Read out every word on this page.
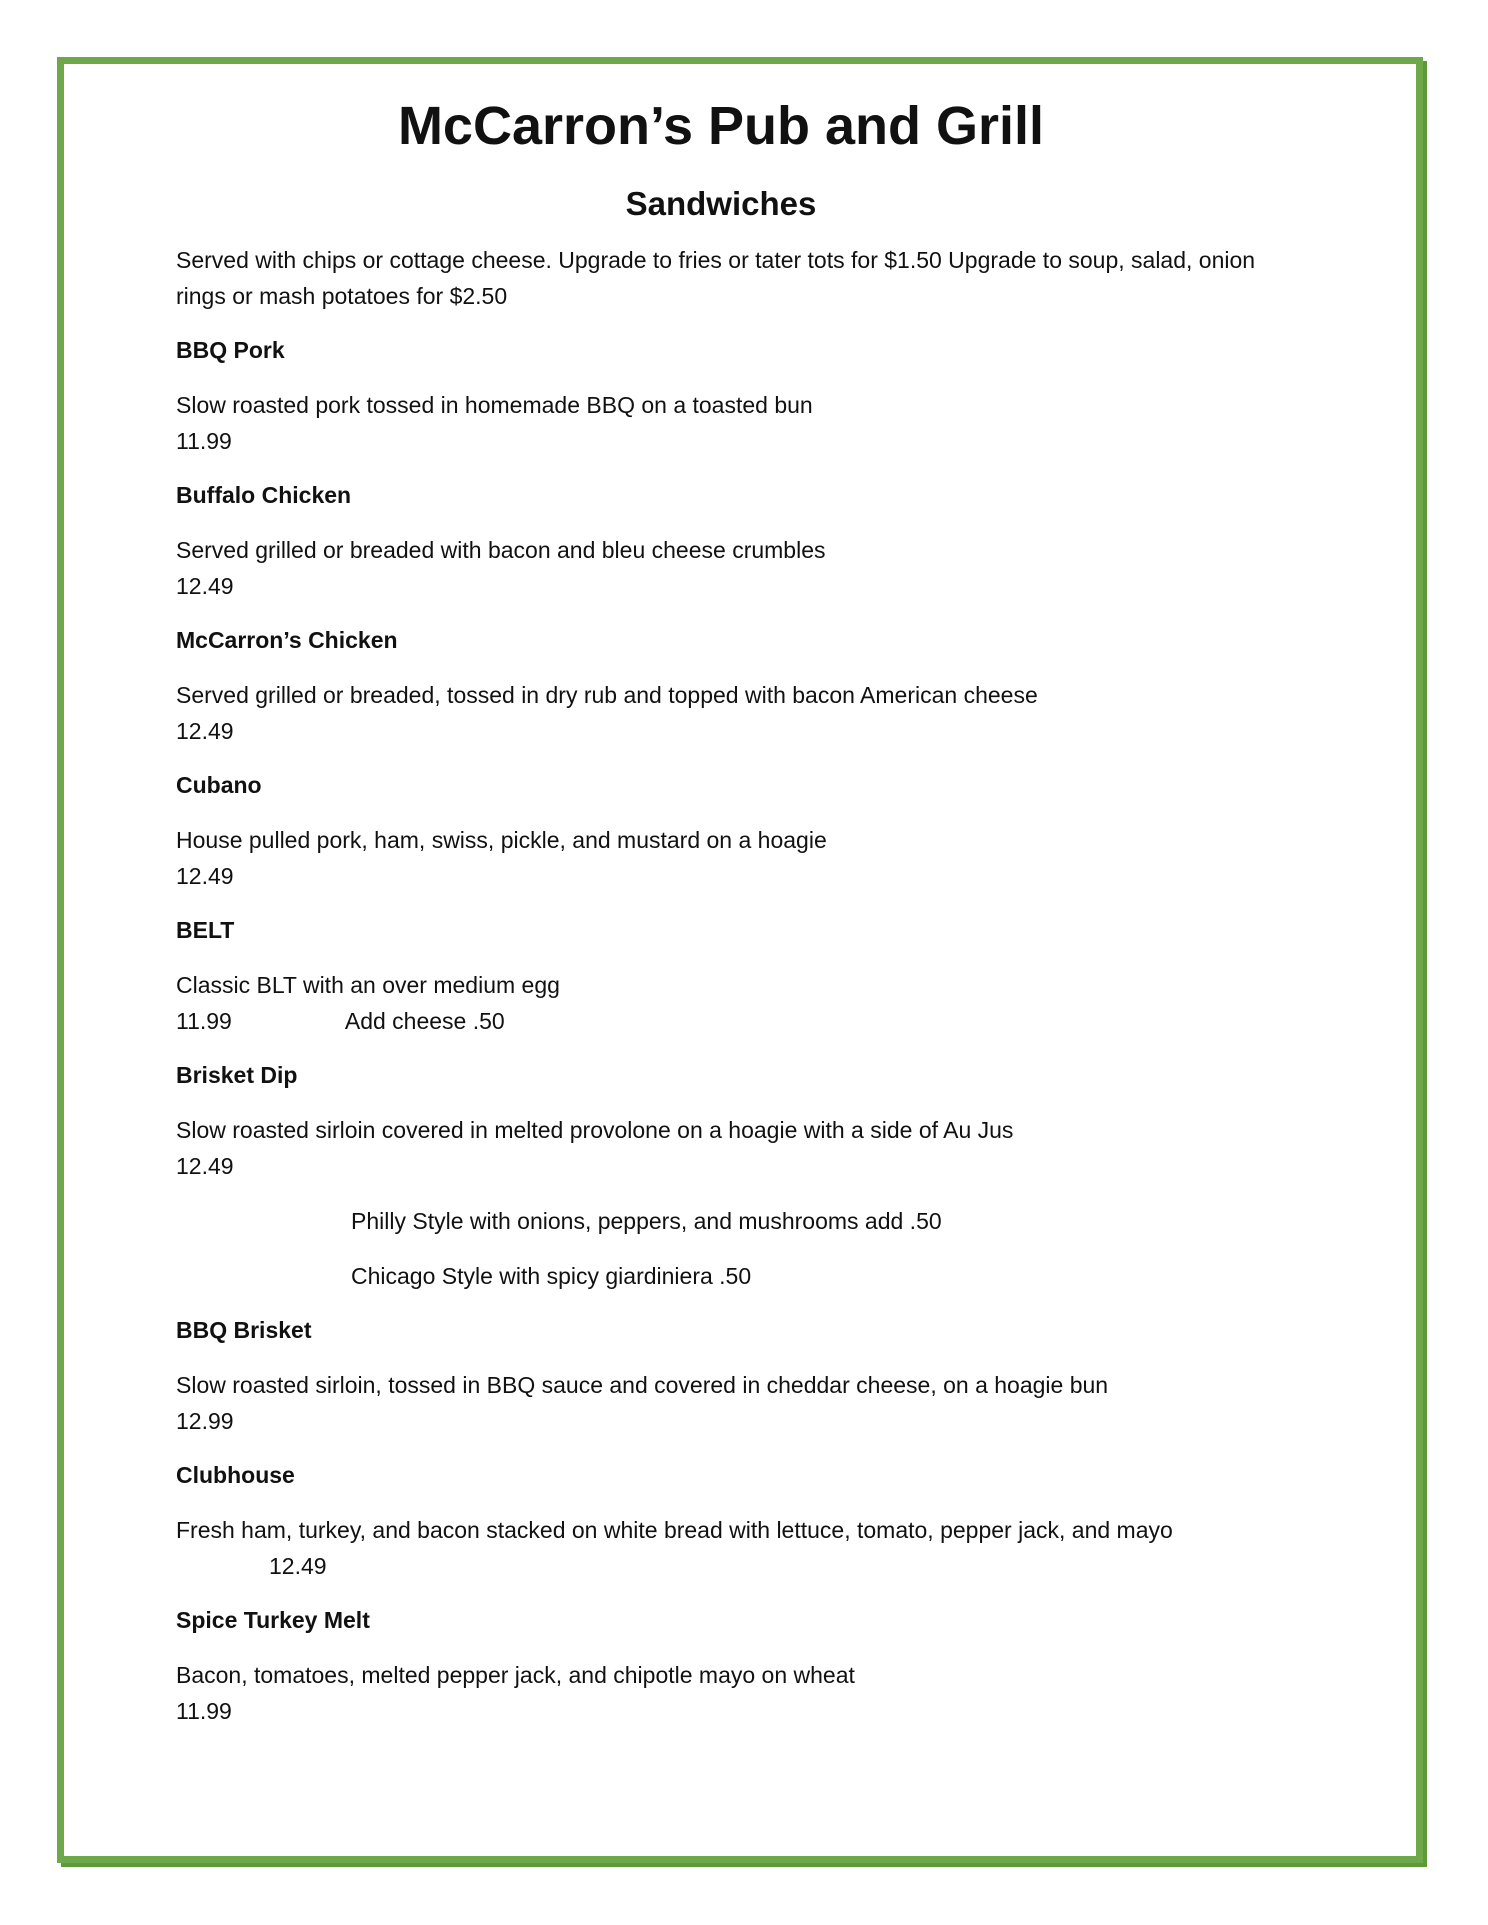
McCarron’s Pub and Grill
Sandwiches

Served with chips or cottage cheese. Upgrade to fries or tater tots for $1.50 Upgrade to soup, salad, onion rings or mash potatoes for $2.50

BBQ Pork

Slow roasted pork tossed in homemade BBQ on a toasted bun

11.99

Buffalo Chicken

Served grilled or breaded with bacon and bleu cheese crumbles

12.49

McCarron’s Chicken

Served grilled or breaded, tossed in dry rub and topped with bacon American cheese

12.49

Cubano

House pulled pork, ham, swiss, pickle, and mustard on a hoagie

12.49

BELT

Classic BLT with an over medium egg

11.99	Add cheese .50

Brisket Dip

Slow roasted sirloin covered in melted provolone on a hoagie with a side of Au Jus

12.49

Philly Style with onions, peppers, and mushrooms add .50

Chicago Style with spicy giardiniera .50

BBQ Brisket

Slow roasted sirloin, tossed in BBQ sauce and covered in cheddar cheese, on a hoagie bun

12.99

Clubhouse

Fresh ham, turkey, and bacon stacked on white bread with lettuce, tomato, pepper jack, and mayo

12.49

Spice Turkey Melt

Bacon, tomatoes, melted pepper jack, and chipotle mayo on wheat

11.99
